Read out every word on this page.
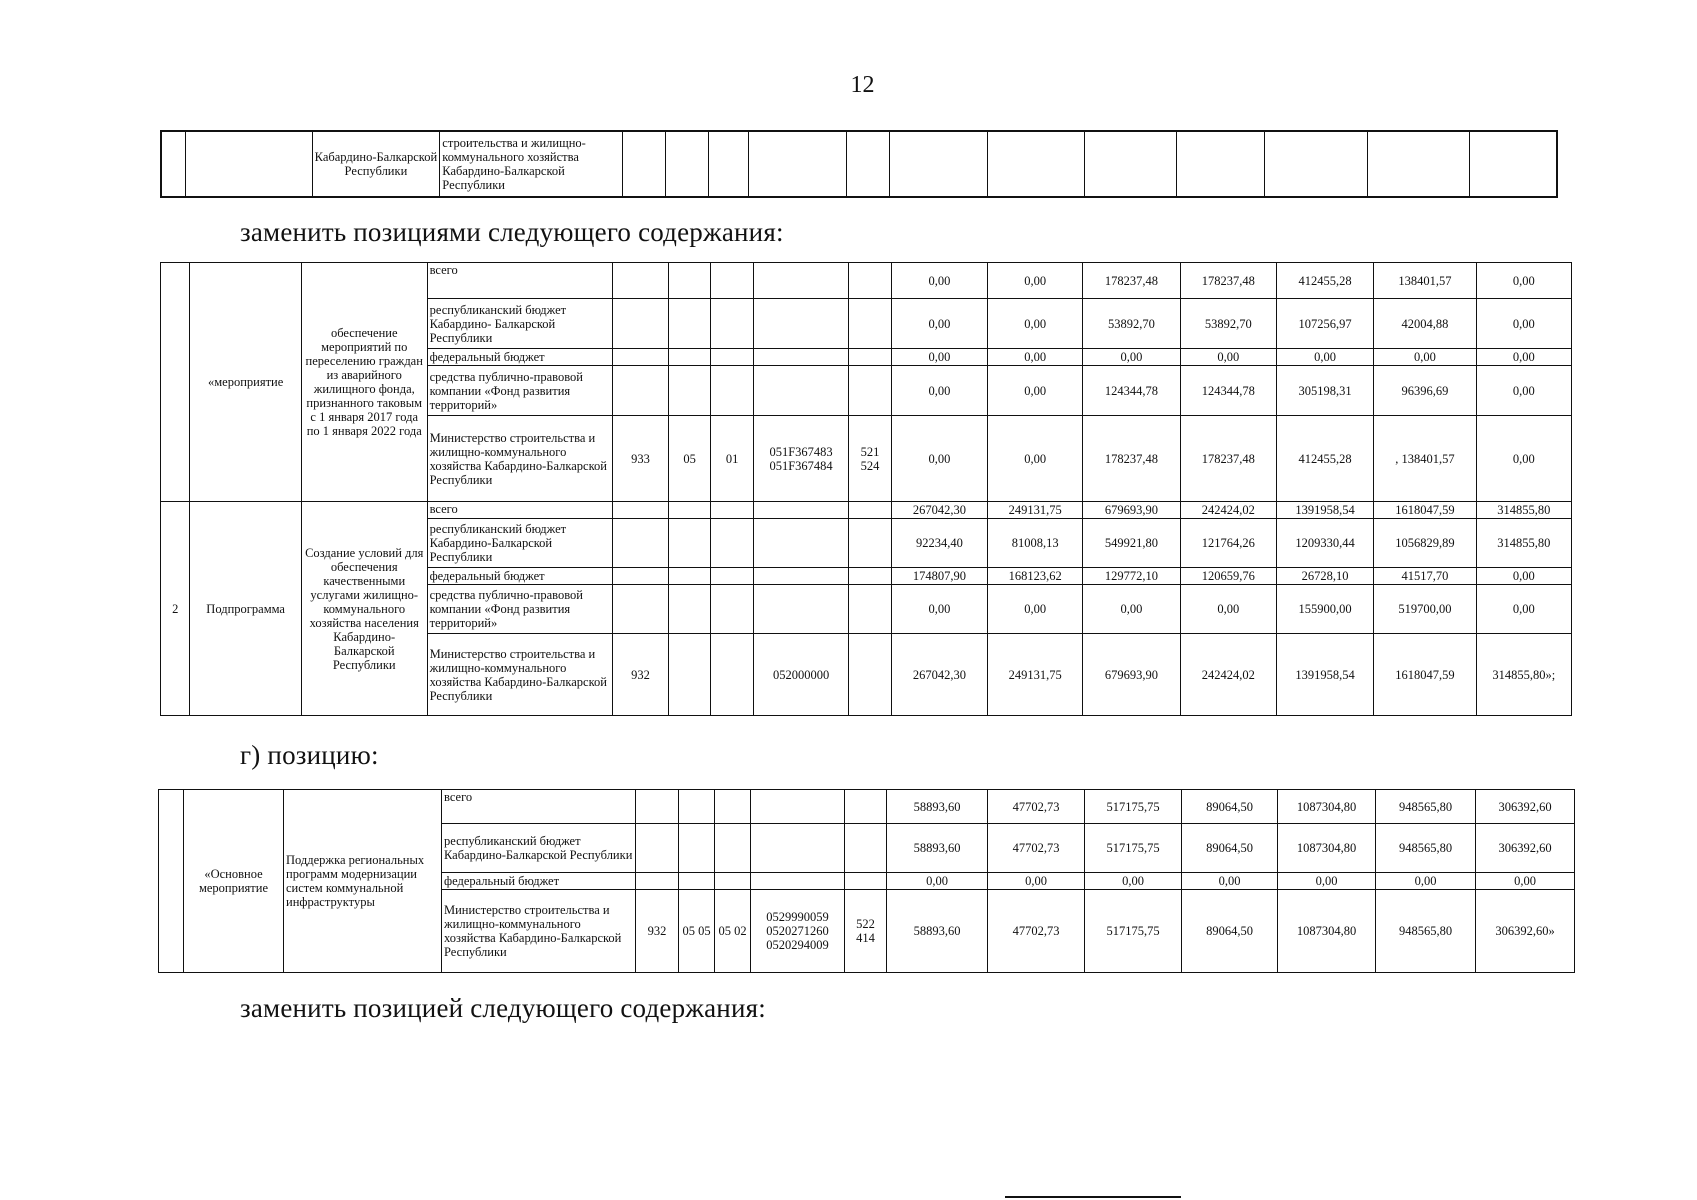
12
		Кабардино-Балкарской Республики	строительства и жилищно-коммунального хозяйства Кабардино-Балкарской Республики												
заменить позициями следующего содержания:
	«мероприятие	обеспечение мероприятий по переселению граждан из аварийного жилищного фонда, признанного таковым с 1 января 2017 года по 1 января 2022 года	всего						0,00	0,00	178237,48	178237,48	412455,28	138401,57	0,00
			республиканский бюджет Кабардино- Балкарской Республики						0,00	0,00	53892,70	53892,70	107256,97	42004,88	0,00
			федеральный бюджет						0,00	0,00	0,00	0,00	0,00	0,00	0,00
			средства публично-правовой компании «Фонд развития территорий»						0,00	0,00	124344,78	124344,78	305198,31	96396,69	0,00
			Министерство строительства и жилищно-коммунального хозяйства Кабардино-Балкарской Республики	933	05	01	051F367483 051F367484	521 524	0,00	0,00	178237,48	178237,48	412455,28	, 138401,57	0,00
2	Подпрограмма	Создание условий для обеспечения качественными услугами жилищно-коммунального хозяйства населения Кабардино-Балкарской Республики	всего						267042,30	249131,75	679693,90	242424,02	1391958,54	1618047,59	314855,80
			республиканский бюджет Кабардино-Балкарской Республики						92234,40	81008,13	549921,80	121764,26	1209330,44	1056829,89	314855,80
			федеральный бюджет						174807,90	168123,62	129772,10	120659,76	26728,10	41517,70	0,00
			средства публично-правовой компании «Фонд развития территорий»						0,00	0,00	0,00	0,00	155900,00	519700,00	0,00
			Министерство строительства и жилищно-коммунального хозяйства Кабардино-Балкарской Республики	932			052000000		267042,30	249131,75	679693,90	242424,02	1391958,54	1618047,59	314855,80»;
г) позицию:
	«Основное мероприятие	Поддержка региональных программ модернизации систем коммунальной инфраструктуры	всего						58893,60	47702,73	517175,75	89064,50	1087304,80	948565,80	306392,60
			республиканский бюджет Кабардино-Балкарской Республики						58893,60	47702,73	517175,75	89064,50	1087304,80	948565,80	306392,60
			федеральный бюджет						0,00	0,00	0,00	0,00	0,00	0,00	0,00
			Министерство строительства и жилищно-коммунального хозяйства Кабардино-Балкарской Республики	932	05 05	05 02	0529990059 0520271260 0520294009	522 414	58893,60	47702,73	517175,75	89064,50	1087304,80	948565,80	306392,60»
заменить позицией следующего содержания:
